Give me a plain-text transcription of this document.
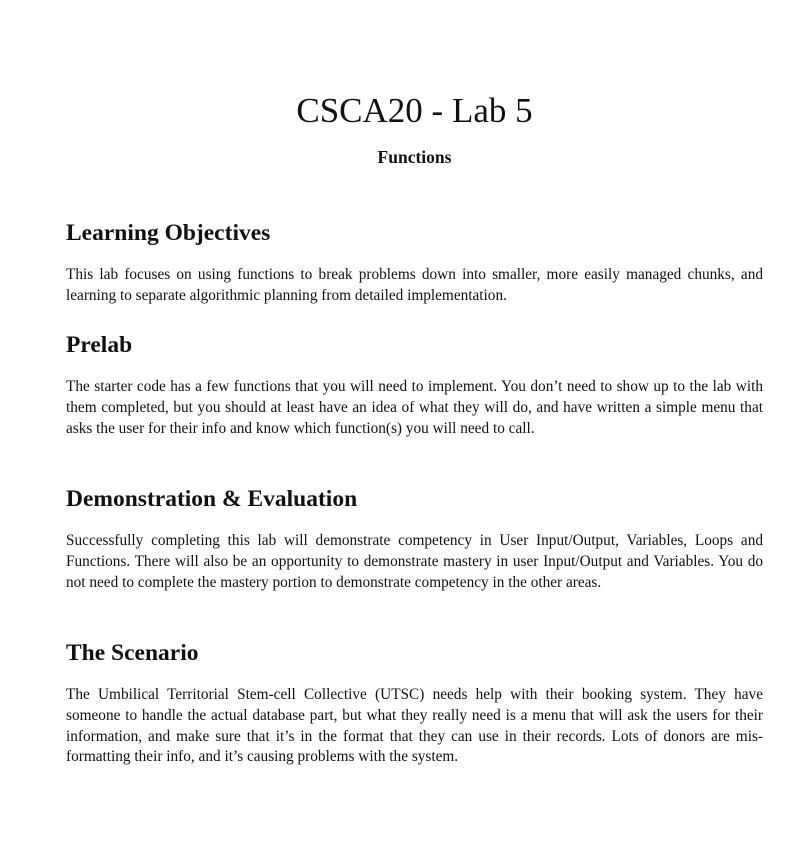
CSCA20 - Lab 5
Functions
Learning Objectives

This lab focuses on using functions to break problems down into smaller, more easily managed chunks, and learning to separate algorithmic planning from detailed implementation.

Prelab

The starter code has a few functions that you will need to implement. You don’t need to show up to the lab with them completed, but you should at least have an idea of what they will do, and have written a simple menu that asks the user for their info and know which function(s) you will need to call.

Demonstration & Evaluation

Successfully completing this lab will demonstrate competency in User Input/Output, Variables, Loops and Functions. There will also be an opportunity to demonstrate mastery in user Input/Output and Variables. You do not need to complete the mastery portion to demonstrate competency in the other areas.

The Scenario

The Umbilical Territorial Stem-cell Collective (UTSC) needs help with their booking system. They have someone to handle the actual database part, but what they really need is a menu that will ask the users for their information, and make sure that it’s in the format that they can use in their records. Lots of donors are mis-formatting their info, and it’s causing problems with the system.
